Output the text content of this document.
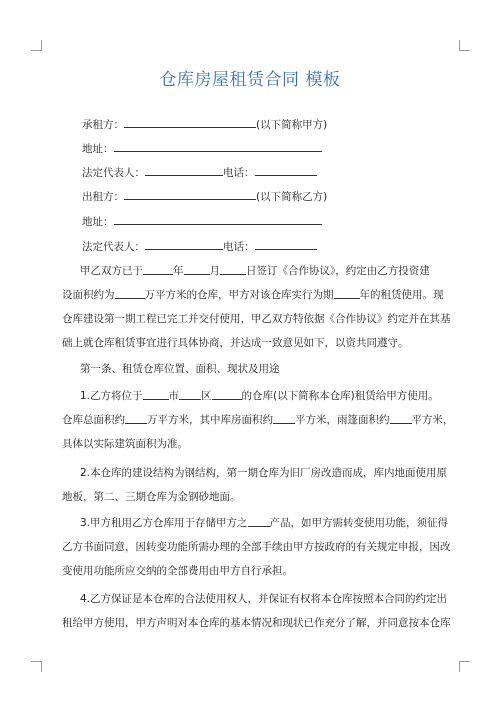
仓库房屋租赁合同 模板
承租方：	(以下简称甲方)
地址：
法定代表人：	电话：
出租方：	(以下简称乙方)
地址：
法定代表人：	电话：
甲乙双方已于	年 月 日签订《合作协议》，约定由乙方投资建
设面积约为	万平方米的仓库，甲方对该仓库实行为期 年的租赁使用。现
仓库建设第一期工程已完工并交付使用，甲乙双方特依据《合作协议》约定并在其基
础上就仓库租赁事宜进行具体协商，并达成一致意见如下，以资共同遵守。
第一条、租赁仓库位置、面积、现状及用途
1.乙方将位于 市 区	的仓库(以下简称本仓库)租赁给甲方使用。
仓库总面积约 万平方米，其中库房面积约 平方米，雨篷面积约 平方米，
具体以实际建筑面积为准。
2.本仓库的建设结构为钢结构，第一期仓库为旧厂房改造而成，库内地面使用原
地板，第二、三期仓库为金钢砂地面。
3.甲方租用乙方仓库用于存储甲方之 产品，如甲方需转变使用功能，须征得
乙方书面同意，因转变功能所需办理的全部手续由甲方按政府的有关规定申报，因改
变使用功能所应交纳的全部费用由甲方自行承担。
4.乙方保证是本仓库的合法使用权人，并保证有权将本仓库按照本合同的约定出
租给甲方使用，甲方声明对本仓库的基本情况和现状已作充分了解，并同意按本仓库
